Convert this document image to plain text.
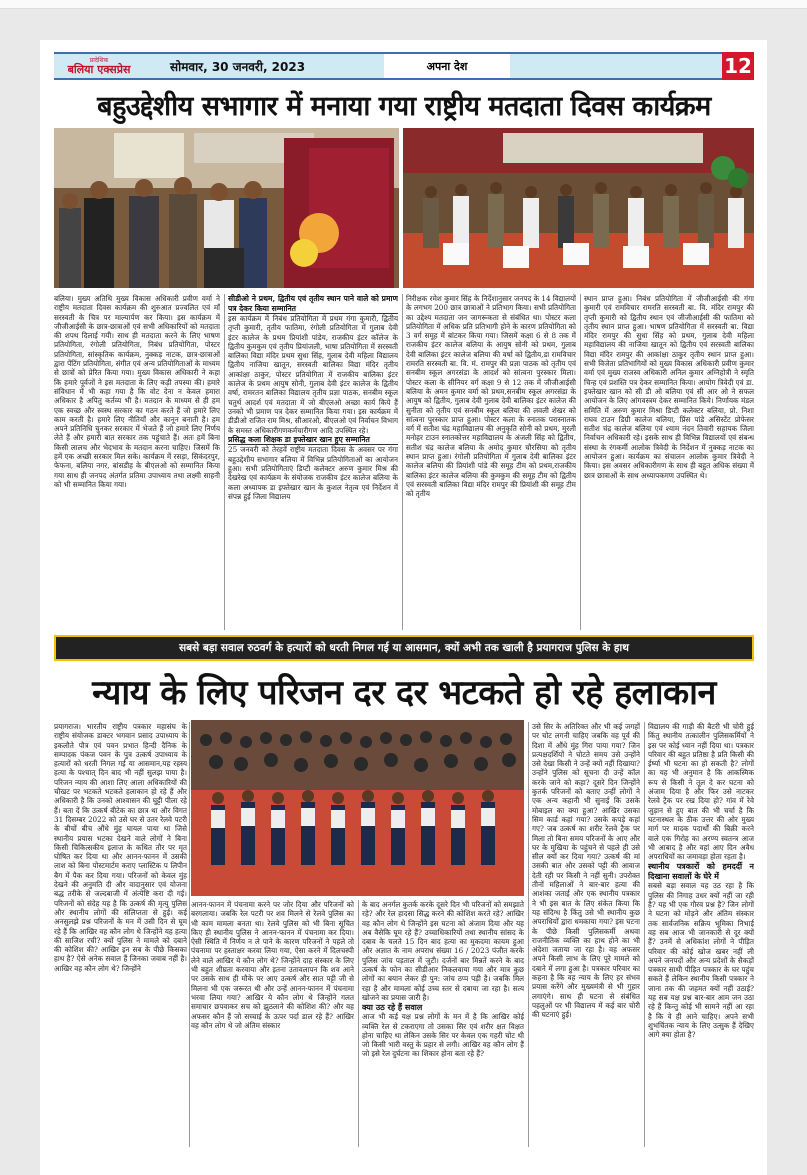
प्रादेशिक
बलिया एक्सप्रेस	सोमवार, 30 जनवरी, 2023	अपना देश	12
बहुउद्देशीय सभागार में मनाया गया राष्ट्रीय मतदाता दिवस कार्यक्रम

बलिया। मुख्य अतिथि मुख्य विकास अधिकारी प्रवीण वर्मा ने राष्ट्रीय मतदाता दिवस कार्यक्रम की शुरुआत प्रज्वलित एवं माँ सरस्वती के चित्र पर माल्यार्पण कर किया। इस कार्यक्रम में जीजीआईसी के छात्र-छात्राओं एवं सभी अधिकारियों को मतदाता की शपथ दिलाई गयी। साथ ही मतदाता करने के लिए भाषण प्रतियोगिता, रंगोली प्रतियोगिता, निबंध प्रतियोगिता, पोस्टर प्रतियोगिता, सांस्कृतिक कार्यक्रम, नुक्कड़ नाटक, छात्र-छात्राओं द्वारा पेंटिंग प्रतियोगिता, संगीत एवं अन्य प्रतियोगिताओं के माध्यम से छात्रों को प्रेरित किया गया। मुख्य विकास अधिकारी ने कहा कि हमारे पूर्वजों ने इस मतदाता के लिए कड़ी तपस्या की। हमारे संविधान में भी कहा गया है कि वोट देना न केवल हमारा अधिकार है अपितु कर्तव्य भी है। मतदान के माध्यम से ही हम एक स्वच्छ और स्वस्थ सरकार का गठन करते हैं जो हमारे लिए काम करती है। हमारे लिए नीतियाँ और कानून बनाती है। हम अपने प्रतिनिधि चुनकर सरकार में भेजते हैं जो हमारे लिए निर्णय लेते हैं और हमारी बात सरकार तक पहुंचाते हैं। अतः हमें बिना किसी लालच और भेदभाव के मतदान करना चाहिए। जिसमें कि हमें एक अच्छी सरकार मिल सके। कार्यक्रम में रसड़ा, सिकंदरपुर, फेफना, बलिया नगर, बांसडीह के बीएलओ को सम्मानित किया गया साथ ही जनपद अंतर्गत प्रतिमा उपाध्याय तथा लक्ष्मी साहनी को भी सम्मानित किया गया।

सीडीओ ने प्रथम, द्वितीय एवं तृतीय स्थान पाने वाले को प्रमाण पत्र देकर किया सम्मानित

इस कार्यक्रम में निबंध प्रतियोगिता में प्रथम गंगा कुमारी, द्वितीय तृप्ती कुमारी, तृतीय फातिमा, रंगोली प्रतियोगिता में गुलाब देवी इंटर कालेज के प्रथम प्रियांशी पांडेय, राजकीय इंटर कॉलेज के द्वितीय कुमकुम एवं तृतीय प्रियांजली, भाषा प्रतियोगिता में सरस्वती बालिका विद्या मंदिर प्रथम सुधा सिंह, गुलाब देवी महिला विद्यालय द्वितीय नाजिया खातून, सरस्वती बालिका विद्या मंदिर तृतीय आकांक्षा ठाकुर, पोस्टर प्रतियोगिता में राजकीय बालिका इंटर कालेज के प्रथम आयुष सोनी, गुलाब देवी इंटर कालेज के द्वितीय वर्षा, रामरतन बालिका विद्यालय तृतीय प्रज्ञा पाठक, सनबीम स्कूल चतुर्थ आदर्श एवं मतदाता में जो बीएलओ अच्छा कार्य किये हैं उनको भी प्रमाण पत्र देकर सम्मानित किया गया। इस कार्यक्रम में डीडीओ राजित राम मिश्र, सीआरओ, बीएलओ एवं निर्वाचन विभाग के समस्त अधिकारीगणकर्मचारीगण आदि उपस्थित रहे।

प्रसिद्ध कला शिक्षक डा इफ्तेखार खान हुए सम्मानित

25 जनवरी को तेरहवें राष्ट्रीय मतदाता दिवस के अवसर पर गंगा बहुउद्देशीय सभागार बलिया में विभिन्न प्रतियोगिताओं का आयोजन हुआ। सभी प्रतियोगिताएं डिप्टी कलेक्टर अरुण कुमार मिश्र की देखरेख एवं कार्यक्रम के संयोजक राजकीय इंटर कालेज बलिया के कला अध्यापक डा इफ्तेखार खान के कुशल नेतृत्व एवं निर्देशन में संपन्न हुई जिला विद्यालय

निरीक्षक रमेश कुमार सिंह के निर्देशानुसार जनपद के 14 विद्यालयों के लगभग 200 छात्र छात्राओं ने प्रतिभाग किया। सभी प्रतियोगिता का उद्देश्य मतदाता जन जागरूकता से संबंधित था। पोस्टर कला प्रतियोगिता में अधिक प्रति प्रतिभागी होने के कारण प्रतियोगिता को 3 वर्ग समूह में बांटकर किया गया। जिसमें कक्षा 6 से 8 तक में राजकीय इंटर कालेज बलिया के आयुष सोनी को प्रथम, गुलाब देवी बालिका इंटर कालेज बलिया की वर्षा को द्वितीय,डा रामविचार रामरति सरस्वती बा. वि. मं. रामपुर की प्रज्ञा पाठक को तृतीय एवं सनबीम स्कूल अगरसंडा के आदर्श को सांत्वना पुरस्कार मिला। पोस्टर कला के सीनियर वर्ग कक्षा 9 से 12 तक में जीजीआईसी बलिया के अमन कुमार वर्मा को प्रथम,सनबीम स्कूल अगरसंडा के आयुष को द्वितीय, गुलाब देवी गुलाब देवी बालिका इंटर कालेज की सुनीता को तृतीय एवं सनबीम स्कूल बलिया की लवली शेखर को सांत्वना पुरस्कार प्राप्त हुआ। पोस्टर कला के स्नातक परास्नातक वर्ग में सतीश चंद्र महाविद्यालय की अनुकृति सोनी को प्रथम, मुरली मनोहर टाउन स्नातकोत्तर महाविद्यालय के अंजली सिंह को द्वितीय, सतीश चंद्र कालेज बलिया के अमोद कुमार चौरसिया को तृतीय स्थान प्राप्त हुआ। रंगोली प्रतियोगिता में गुलाब देवी बालिका इंटर कालेज बलिया की प्रियांशी पांडे की समूह टीम को प्रथम,राजकीय बालिका इंटर कालेज बलिया की कुमकुम की समूह टीम को द्वितीय एवं सरस्वती बालिका विद्या मंदिर रामपुर की प्रियांशी की समूह टीम को तृतीय

स्थान प्राप्त हुआ। निबंध प्रतियोगिता में जीजीआईसी की गंगा कुमारी एवं रामविचार रामरति सरस्वती बा. वि. मंदिर रामपुर की तृप्ती कुमारी को द्वितीय स्थान एवं जीजीआईसी की फातिमा को तृतीय स्थान प्राप्त हुआ। भाषण प्रतियोगिता में सरस्वती बा. विद्या मंदिर रामपुर की सुधा सिंह को प्रथम, गुलाब देवी महिला महाविद्यालय की नाजिया खातून को द्वितीय एवं सरस्वती बालिका विद्या मंदिर रामपुर की आकांक्षा ठाकुर तृतीय स्थान प्राप्त हुआ। सभी विजेता प्रतिभागियों को मुख्य विकास अधिकारी प्रवीण कुमार वर्मा एवं मुख्य राजस्व अधिकारी अनिल कुमार अग्निहोत्री ने स्मृति चिन्ह एवं प्रशस्ति पत्र देकर सम्मानित किया। आयोग त्रिवेदी एवं डा. इफ्तेखार खान को सी डी ओ बलिया एवं सी आर ओ ने सफल आयोजन के लिए आंगवस्त्रम देकर सम्मानित किये। निर्णायक मंडल समिति में अरुण कुमार मिश्रा डिप्टी कलेक्टर बलिया, प्रो. निशा राघव टाउन डिग्री कालेज बलिया, प्रिंस पांडे असिस्टेंट प्रोफेसर सतीश चंद्र कालेज बलिया एवं श्याम नंदन तिवारी सहायक जिला निर्वाचन अधिकारी रहे। इसके साथ ही विभिन्न विद्यालयों एवं संबन्ध संस्था के रंगकर्मी आलोक त्रिवेदी के निर्देशन में नुक्कड़ नाटक का आयोजन हुआ। कार्यक्रम का संचालन आलोक कुमार त्रिवेदी ने किया। इस अवसर अधिकारीगण के साथ ही बहुत अधिक संख्या में छात्र छात्राओं के साथ अध्यापकगण उपस्थित थे।

सबसे बड़ा सवाल रुठवर्ग के हत्यारों को धरती निगल गई या आसमान, क्यों अभी तक खाली है प्रयागराज पुलिस के हाथ
न्याय के लिए परिजन दर दर भटकते हो रहे हलाकान

प्रयागराज। भारतीय राष्ट्रीय पत्रकार महासंघ के राष्ट्रीय संयोजक डाक्टर भगवान प्रसाद उपाध्याय के इकलौते पौत्र एवं पवन प्रभात हिन्दी दैनिक के सम्पादक पंकज पवन के पुत्र उत्कर्ष उपाध्याय के हत्यारों को धरती निगल गई या आसमान,यह रहस्य हत्या के पश्चात् दिन बाद भी नहीं सुलझ पाया है। परिजन न्याय की आशा लिए आला अधिकारियों की चौखट पर भटकते भटकते हलाकान हो रहे हैं और अधिकारी है कि उनको आश्वासन की घुट्टी पीला रहे हैं। बता दें कि उत्कर्ष बीटेक का छात्र था और विगत 31 दिसम्बर 2022 को उसे घर से उतर रेलवे पटरी के बीचों बीच औंधे मुंह घायल पाया था जिसे स्थानीय प्रयास भटका देखने वाले लोगों ने बिना किसी चिकित्सकीय इलाज के कथित तौर पर मृत घोषित कर दिया था और आनन-फानन में उसकी लाश को बिना पोस्टमार्टम कराए प्लास्टिक प लिपीन बैग में पैक कर दिया गया। परिजनों को केवल मुंह देखने की अनुमति दी और वादानुसार एवं योजना बद्ध तरीके से जल्दबाजी में अंत्येष्टि करा दी गई। परिजनों को संदेह यह है कि उत्कर्ष की मृत्यु पुलिस और स्थानीय लोगों की संलिप्तता से हुई। कई अनसुलझे प्रश्न परिजनों के मन में उसी दिन से घूम रहे हैं कि आखिर वह कौन लोग थे जिन्होंने यह हत्या की साजिश रची? क्यों पुलिस ने मामले को दबाने की कोशिश की? आखिर इन सब के पीछे किसका हाथ है? ऐसे अनेक सवाल हैं जिनका जवाब नहीं है। आखिर वह कौन लोग थे? जिन्होंने

आनन-फानन में पंचनामा करने पर जोर दिया और परिजनों को बरगलाया। जबकि रेल पटरी पर शव मिलने से रेलवे पुलिस का भी काम मामला बनता था। रेलवे पुलिस को भी बिना सूचित किए ही स्थानीय पुलिस ने आनन-फानन में पंचनामा कर दिया। ऐसी स्थिति में निर्णय न ले पाने के कारण परिजनों ने पहले तो पंचनामा पर हस्ताक्षर करवा लिया गया, ऐसा करने में दिलचस्पी लेने वाले आखिर ये कौन लोग थे? जिन्होंने दाह संस्कार के लिए भी बहुत शीघ्रता करवाया और इतना उतावलापन कि शव आने पर उसके साथ ही मौके पर आए उत्कर्ष और सात पट्टी जी से मिलना भी एक जरूरत थी और उन्हें आनन-फानन में पंचनामा भरवा लिया गया? आखिर ये कौन लोग थे जिन्होंने गलत समाचार छपवाकर सच को झुठलाने की कोशिश की? और वह अफसर कौन हैं जो सच्चाई के ऊपर पर्दा डाल रहे हैं? आखिर वह कौन लोग थे जो अंतिम संस्कार

के बाद अनर्गल कुतर्क करके दूसरे दिन भी परिजनों को समझाते रहे? और रेल हादसा सिद्ध करने की कोशिश करते रहे? आखिर वह कौन लोग थे जिन्होंने इस घटना को अंजाम दिया और यह अब वैसेकि घूम रहे हैं? उच्चाधिकारियों तथा स्थानीय सांसद के दबाव के चलते 15 दिन बाद हत्या का मुकदमा कायम हुआ और अज्ञात के नाम अपराध संख्या 16 / 2023 पंजीत करके पुलिस जांच पड़ताल में जुटी। दर्जनों बार मिन्नतें करने के बाद उत्कर्ष के फोन का सीडीआर निकलवाया गया और मात्र कुछ लोगों का बयान लेकर ही पुन: जांच ठप्प पड़ी है। जबकि मिल रहा है और मामला कोई उच्च स्तर से दबाया जा रहा है। सत्य खोजने का प्रयास जारी है।

क्या उठ रहे हैं सवाल

आज भी कई यक्ष प्रश्न लोगों के मन में है कि आखिर कोई व्यक्ति रेल से टकराएगा तो उसका सिर एवं शरीर क्षत विक्षत होना चाहिए था लेकिन उसके सिर पर केवल एक गहरी चोट थी जो किसी भारी वस्तु के प्रहार से लगी। आखिर वह कौन लोग हैं जो इसे रेल दुर्घटना का शिकार होना बता रहे हैं?

उसे सिर के अतिरिक्त और भी कई जगहों पर चोट लगनी चाहिए जबकि वह पूर्व की दिशा में औंधे मुंह गिरा पाया गया? जिन प्रत्यक्षदर्शियों ने घोटते समय उसे उन्होंने उसे देखा किसी ने उन्हें क्यों नहीं दिखाया? उन्होंने पुलिस को सूचना दी उन्हें कॉल करके जाने को कहा? दूसरे दिन जिन्होंने कुतर्क परिजनों को बताए उन्हीं लोगों ने एक अन्य कहानी भी सुनाई कि उसके मोबाइल का क्या हुआ? आखिर उसका सिम कार्ड कहां गया? उसके कपड़े कहां गए? जब उत्कर्ष का शरीर रेलवे ट्रैक पर मिला तो बिना समय परिजनों के आए और घर के मुखिया के पहुंचने से पहले ही उसे सील क्यों कर दिया गया? उत्कर्ष की मां उसकी बात और उसको पट्टी की आवाज देती रही पर किसी ने नहीं सुनी। उपरोक्त तीनों महिलाओं ने बार-बार हत्या की आशंका जताई और एक स्थानीय पत्रकार ने भी इस बात के लिए संकेत किया कि यह संदिग्ध है किंतु उसे भी स्थानीय कुछ अपराधियों द्वारा धमकाया गया? इस घटना के पीछे किसी पुलिसकर्मी अथवा राजनीतिक व्यक्ति का हाथ होने का भी अंदेशा जताया जा रहा है। वह अफसर अपने किसी लाभ के लिए पूरे मामले को दबाने में लगा हुआ है। पत्रकार परिवार का कहना है कि वह न्याय के लिए हर संभव प्रयास करेंगे और मुख्यमंत्री से भी गुहार लगाएंगे। साथ ही घटना से संबंधित पहलुओं पर भी विद्यालय में कई बार चोरी की घटनाएं हुई।

विद्यालय की गाड़ी की बैटरी भी चोरी हुई किंतु स्थानीय तत्कालीन पुलिसकर्मियों ने इस पर कोई ध्यान नहीं दिया था। पत्रकार परिवार की बहुत प्रतिष्ठा है प्रति किसी की ईर्ष्या भी घटना का हो सकती है? लोगों का यह भी अनुमान है कि आकस्मिक रूप से किसी ने तूल दे कर घटना को अंजाम दिया है और फिर उसे नाटकर रेलवे ट्रैक पर रख दिया हो? गांव में रेवे जुड़ान से हुए बात की भी चर्चा है कि घटनास्थल के ठीक उत्तर की ओर मुख्य मार्ग पर मादक पदार्थों की बिक्री करने वाले एक गिरोह का अरण्य स्वतन्त्र आज भी आबाद है और वहां आए दिन अवैध अपराधियों का जमावड़ा होता रहता है।

स्थानीय पत्रकारों को हमदर्दी न दिखाना सवालों के घेरे में

सबसे बड़ा सवाल यह उठ रहा है कि पुलिस की निगाह उधर क्यों नहीं जा रही है? यह भी एक गौरव प्रश्न है? जिन लोगों ने घटना को मोड़ने और अंतिम संस्कार तक सार्वजनिक सक्रिय भूमिका निभाई वह सब आज भी जानकारी से दूर क्यों हैं? उनमें से अधिकांश लोगों ने पीड़ित परिवार की कोई खोज खबर नहीं ली अपने जनपदों और अन्य प्रदेशों के सैकड़ों पत्रकार साथी पीड़ित पत्रकार के घर पहुंच सकते हैं लेकिन स्थानीय किसी पत्रकार ने जाना तक की जहमत क्यों नहीं उठाई? यह सब यक्ष प्रश्न बार-बार आम जन उठा रहे हैं किन्तु कोई भी सामने नहीं आ रहा है कि वे ही आने चाहिए। अपने सभी शुभचिंतक न्याय के लिए उत्सुक हैं देखिए आगे क्या होता है?
